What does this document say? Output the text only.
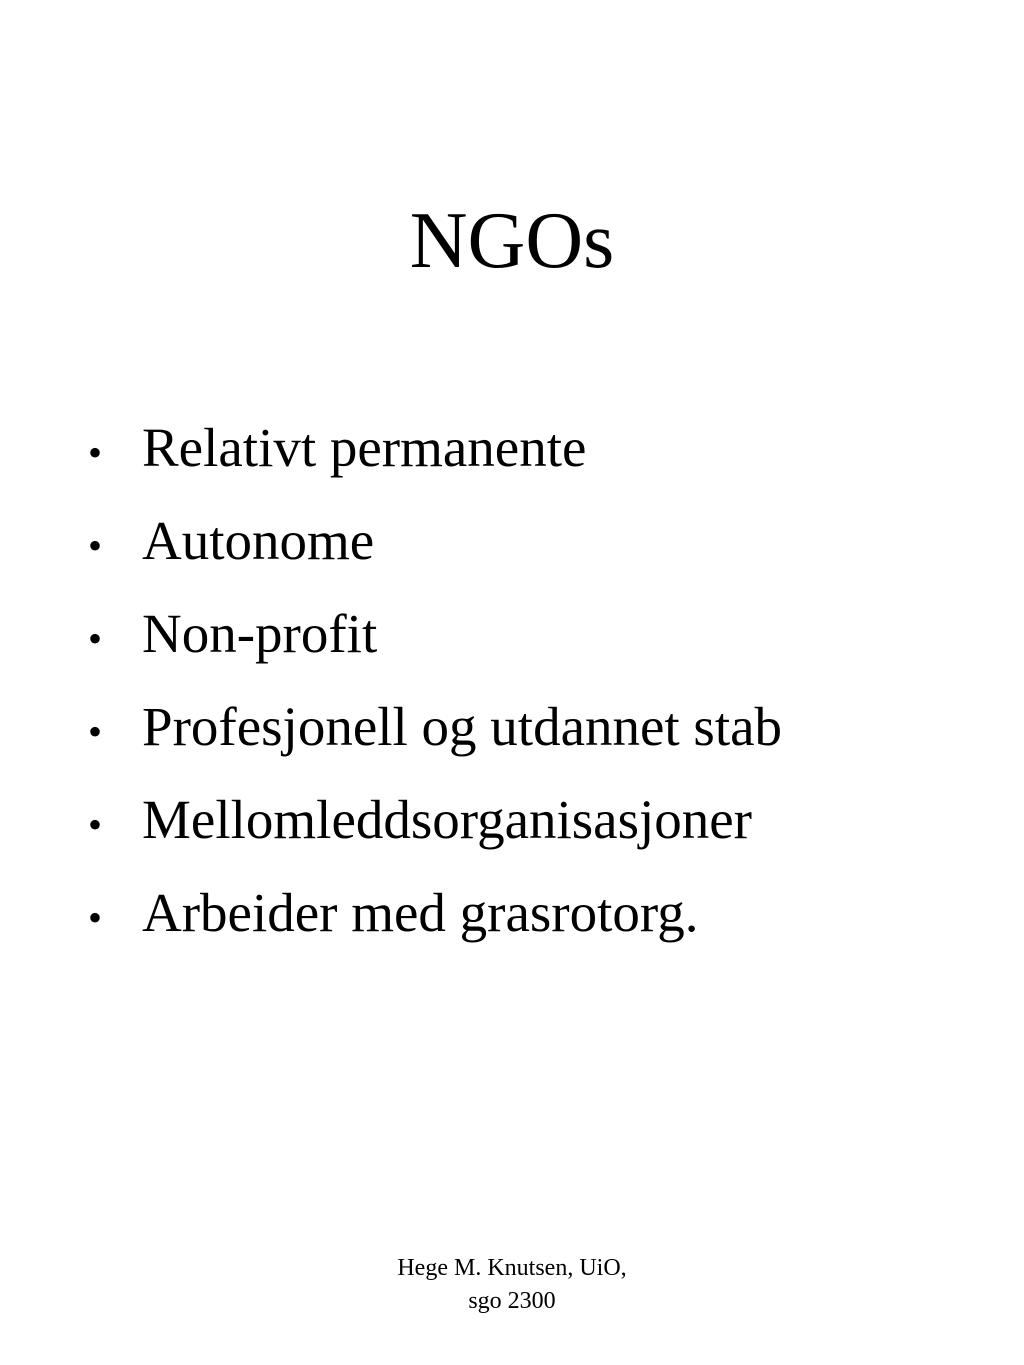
NGOs
• Relativt permanente
• Autonome
• Non-profit
• Profesjonell og utdannet stab
• Mellomleddsorganisasjoner
• Arbeider med grasrotorg.
Hege M. Knutsen, UiO,
sgo 2300
